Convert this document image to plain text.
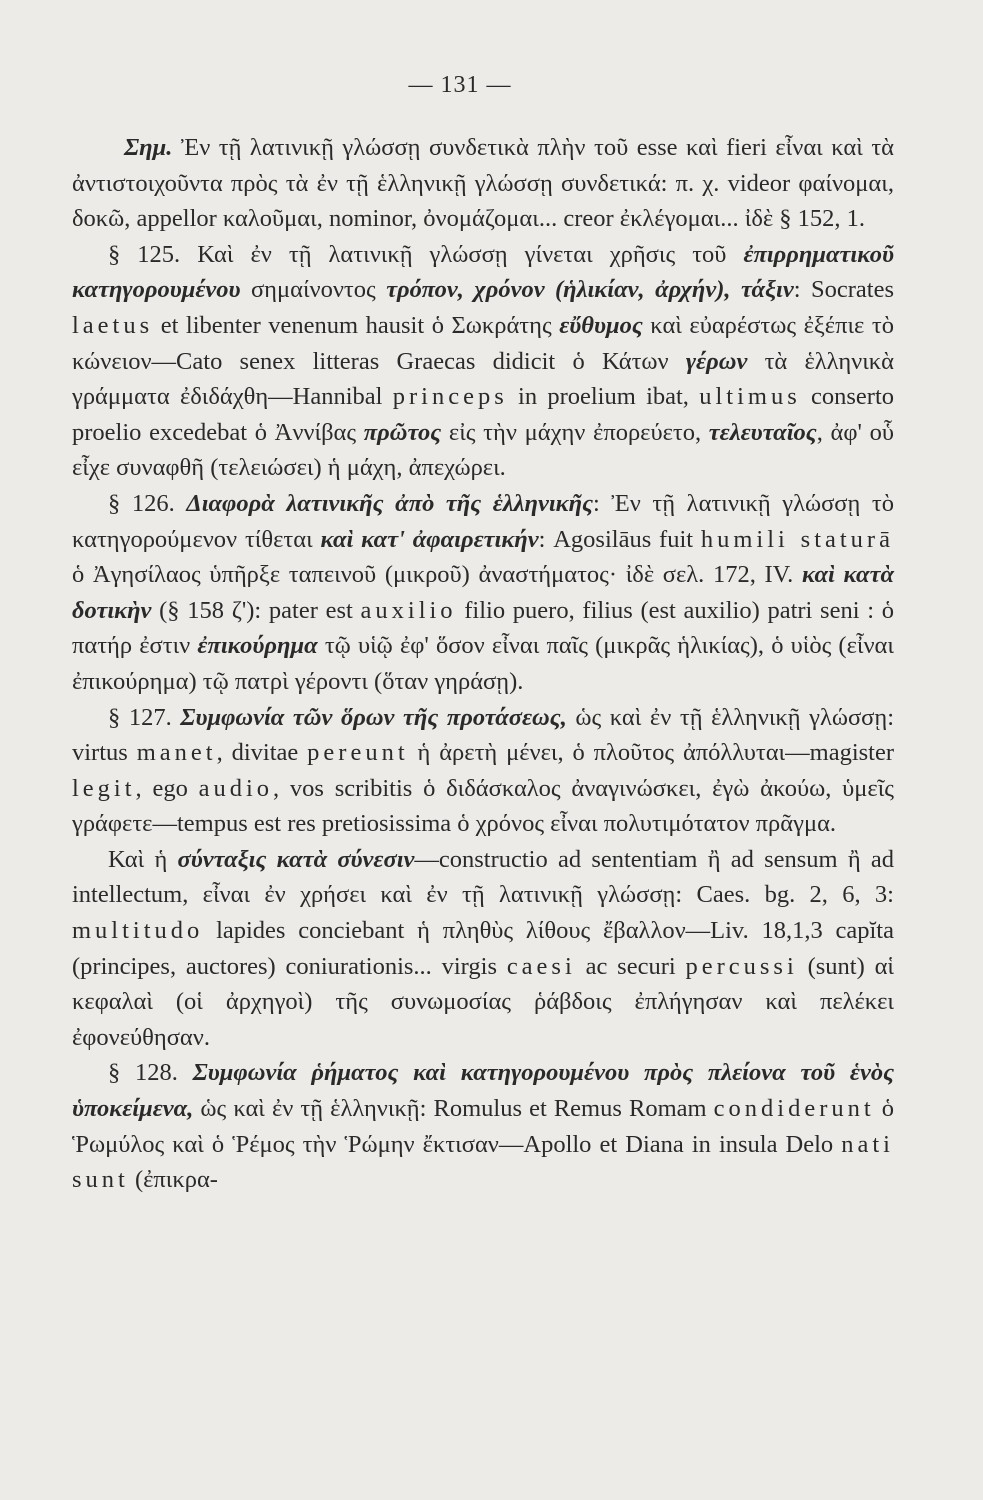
— 131 —

Σημ. Ἐν τῇ λατινικῇ γλώσσῃ συνδετικὰ πλὴν τοῦ esse καὶ fieri εἶναι καὶ τὰ ἀντιστοιχοῦντα πρὸς τὰ ἐν τῇ ἑλληνικῇ γλώσσῃ συνδετικά: π. χ. videor φαίνομαι, δοκῶ, appellor καλοῦμαι, nominor, ὀνομάζομαι... creor ἐκλέγομαι... ἰδὲ § 152, 1.

§ 125. Καὶ ἐν τῇ λατινικῇ γλώσσῃ γίνεται χρῆσις τοῦ ἐπιρρηματικοῦ κατηγορουμένου σημαίνοντος τρόπον, χρόνον (ἡλικίαν, ἀρχήν), τάξιν: Socrates laetus et libenter venenum hausit ὁ Σωκράτης εὔθυμος καὶ εὐαρέστως ἐξέπιε τὸ κώνειον—Cato senex litteras Graecas didicit ὁ Κάτων γέρων τὰ ἑλληνικὰ γράμματα ἐδιδάχθη—Hannibal princeps in proelium ibat, ultimus conserto proelio excedebat ὁ Ἀννίβας πρῶτος εἰς τὴν μάχην ἐπορεύετο, τελευταῖος, ἀφ' οὗ εἶχε συναφθῆ (τελειώσει) ἡ μάχη, ἀπεχώρει.

§ 126. Διαφορὰ λατινικῆς ἀπὸ τῆς ἑλληνικῆς: Ἐν τῇ λατινικῇ γλώσσῃ τὸ κατηγορούμενον τίθεται καὶ κατ' ἀφαιρετικήν: Agosilāus fuit humili staturā ὁ Ἀγησίλαος ὑπῆρξε ταπεινοῦ (μικροῦ) ἀναστήματος· ἰδὲ σελ. 172, IV. καὶ κατὰ δοτικὴν (§ 158 ζ'): pater est auxilio filio puero, filius (est auxilio) patri seni : ὁ πατήρ ἐστιν ἐπικούρημα τῷ υἱῷ ἐφ' ὅσον εἶναι παῖς (μικρᾶς ἡλικίας), ὁ υἱὸς (εἶναι ἐπικούρημα) τῷ πατρὶ γέροντι (ὅταν γηράσῃ).

§ 127. Συμφωνία τῶν ὅρων τῆς προτάσεως, ὡς καὶ ἐν τῇ ἑλληνικῇ γλώσσῃ: virtus manet, divitae pereunt ἡ ἀρετὴ μένει, ὁ πλοῦτος ἀπόλλυται—magister legit, ego audio, vos scribitis ὁ διδάσκαλος ἀναγινώσκει, ἐγὼ ἀκούω, ὑμεῖς γράφετε—tempus est res pretiosissima ὁ χρόνος εἶναι πολυτιμότατον πρᾶγμα.

Καὶ ἡ σύνταξις κατὰ σύνεσιν—constructio ad sententiam ἢ ad sensum ἢ ad intellectum, εἶναι ἐν χρήσει καὶ ἐν τῇ λατινικῇ γλώσσῃ: Caes. bg. 2, 6, 3: multitudo lapides conciebant ἡ πληθὺς λίθους ἔβαλλον—Liv. 18,1,3 capĭta (principes, auctores) coniurationis... virgis caesi ac securi percussi (sunt) αἱ κεφαλαὶ (οἱ ἀρχηγοὶ) τῆς συνωμοσίας ῥάβδοις ἐπλήγησαν καὶ πελέκει ἐφονεύθησαν.

§ 128. Συμφωνία ῥήματος καὶ κατηγορουμένου πρὸς πλείονα τοῦ ἑνὸς ὑποκείμενα, ὡς καὶ ἐν τῇ ἑλληνικῇ: Romulus et Remus Romam condiderunt ὁ Ῥωμύλος καὶ ὁ Ῥέμος τὴν Ῥώμην ἔκτισαν—Apollo et Diana in insula Delo nati sunt (ἐπικρα-
